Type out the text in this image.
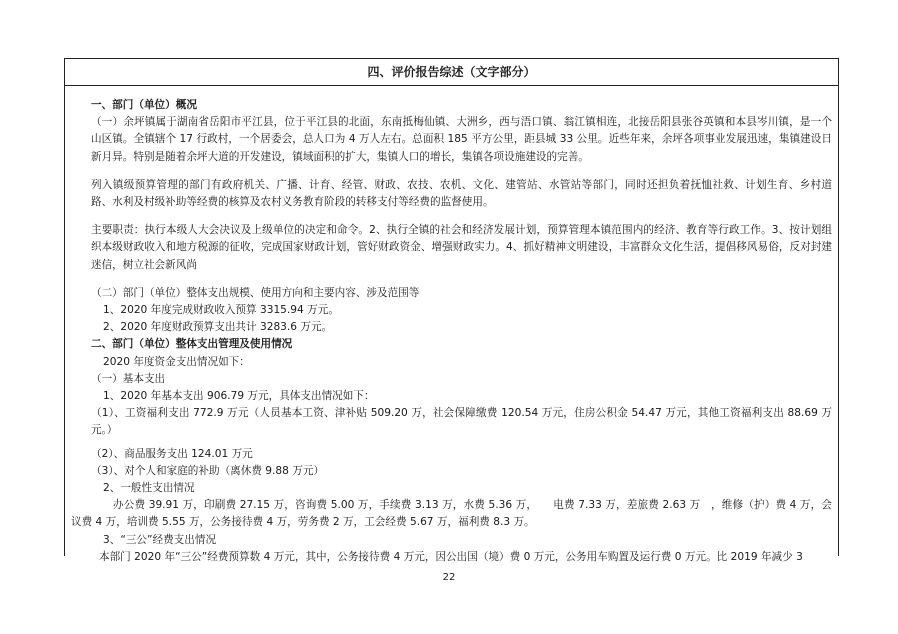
四、评价报告综述（文字部分）

一、部门（单位）概况

（一）余坪镇属于湖南省岳阳市平江县，位于平江县的北面，东南抵梅仙镇、大洲乡，西与浯口镇、翁江镇相连，北接岳阳县张谷英镇和本县岑川镇，是一个山区镇。全镇辖个 17 行政村，一个居委会，总人口为 4 万人左右。总面积 185 平方公里，距县城 33 公里。近些年来，余坪各项事业发展迅速，集镇建设日新月异。特别是随着余坪大道的开发建设，镇域面积的扩大，集镇人口的增长，集镇各项设施建设的完善。

列入镇级预算管理的部门有政府机关、广播、计育、经管、财政、农技、农机、文化、建管站、水管站等部门，同时还担负着抚恤社救、计划生育、乡村道路、水利及村级补助等经费的核算及农村义务教育阶段的转移支付等经费的监督使用。

主要职责：执行本级人大会决议及上级单位的决定和命令。2、执行全镇的社会和经济发展计划，预算管理本镇范围内的经济、教育等行政工作。3、按计划组织本级财政收入和地方税源的征收，完成国家财政计划，管好财政资金、增强财政实力。4、抓好精神文明建设，丰富群众文化生活，提倡移风易俗，反对封建迷信，树立社会新风尚

（二）部门（单位）整体支出规模、使用方向和主要内容、涉及范围等

1、2020 年度完成财政收入预算 3315.94 万元。

2、2020 年度财政预算支出共计 3283.6 万元。

二、部门（单位）整体支出管理及使用情况

2020 年度资金支出情况如下：

（一）基本支出

1、2020 年基本支出 906.79 万元，具体支出情况如下：

（1）、工资福利支出 772.9 万元（人员基本工资、津补贴 509.20 万，社会保障缴费 120.54 万元，住房公积金 54.47 万元，其他工资福利支出 88.69 万元。）

（2）、商品服务支出 124.01 万元

（3）、对个人和家庭的补助（离休费 9.88 万元）

2、一般性支出情况

办公费 39.91 万，印刷费 27.15 万，咨询费 5.00 万，手续费 3.13 万，水费 5.36 万，　　电费 7.33 万，差旅费 2.63 万　，维修（护）费 4 万，会议费 4 万，培训费 5.55 万，公务接待费 4 万，劳务费 2 万，工会经费 5.67 万，福利费 8.3 万。

3、“三公”经费支出情况

本部门 2020 年“三公”经费预算数 4 万元，其中，公务接待费 4 万元，因公出国（境）费 0 万元，公务用车购置及运行费 0 万元。比 2019 年减少 3

22
